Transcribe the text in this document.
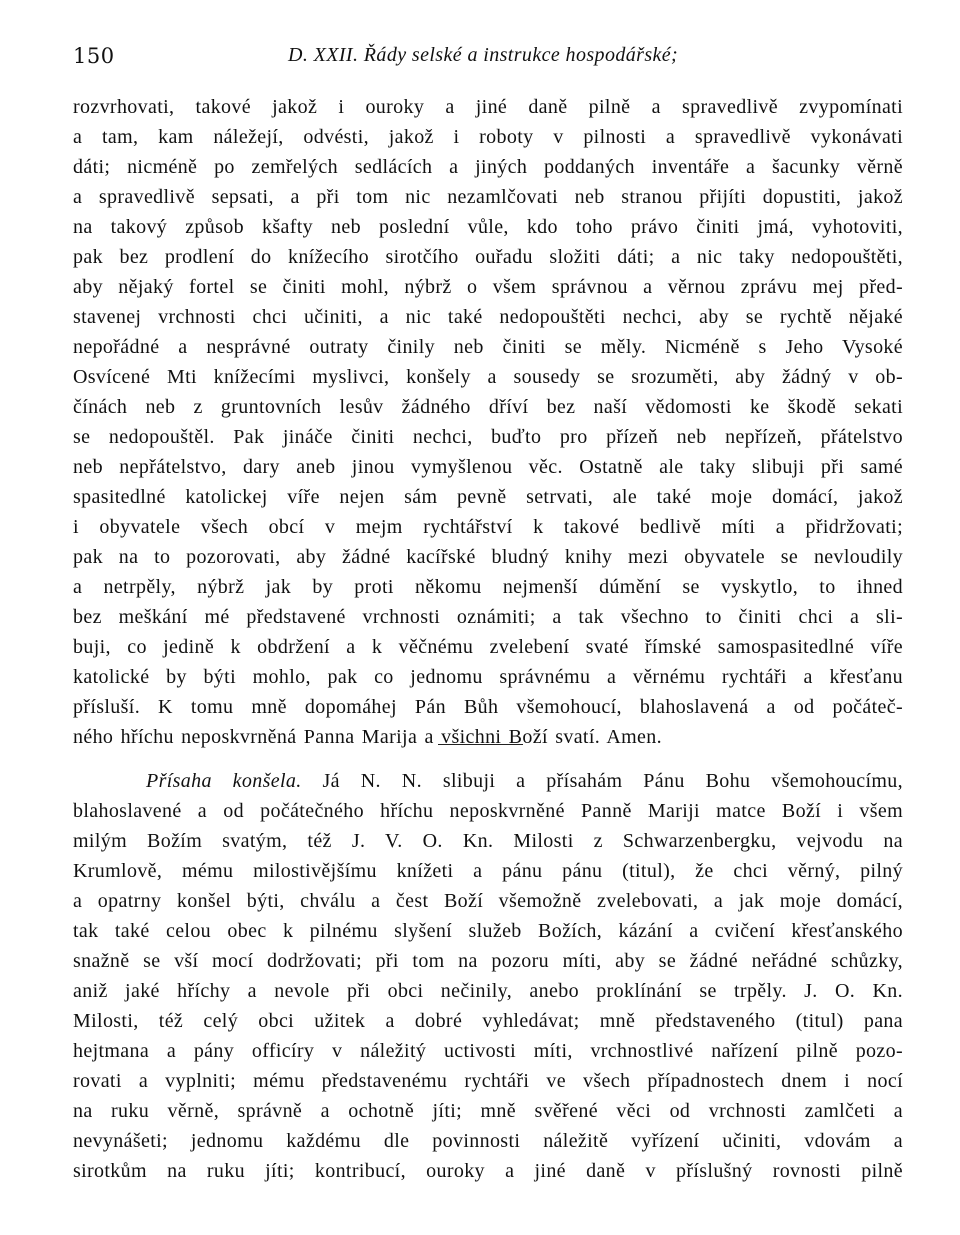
150	D. XXII. Řády selské a instrukce hospodářské;
rozvrhovati, takové jakož i ouroky a jiné daně pilně a spravedlivě zvypomínati
a tam, kam náležejí, odvésti, jakož i roboty v pilnosti a spravedlivě vykonávati
dáti; nicméně po zemřelých sedlácích a jiných poddaných inventáře a šacunky věrně
a spravedlivě sepsati, a při tom nic nezamlčovati neb stranou přijíti dopustiti, jakož
na takový způsob kšafty neb poslední vůle, kdo toho právo činiti jmá, vyhotoviti,
pak bez prodlení do knížecího sirotčího ouřadu složiti dáti; a nic taky nedopouštěti,
aby nějaký fortel se činiti mohl, nýbrž o všem správnou a věrnou zprávu mej před-
stavenej vrchnosti chci učiniti, a nic také nedopouštěti nechci, aby se rychtě nějaké
nepořádné a nesprávné outraty činily neb činiti se měly. Nicméně s Jeho Vysoké
Osvícené Mti knížecími myslivci, konšely a sousedy se srozuměti, aby žádný v ob-
čínách neb z gruntovních lesův žádného dříví bez naší vědomosti ke škodě sekati
se nedopouštěl. Pak jináče činiti nechci, buďto pro přízeň neb nepřízeň, přátelstvo
neb nepřátelstvo, dary aneb jinou vymyšlenou věc. Ostatně ale taky slibuji při samé
spasitedlné katolickej víře nejen sám pevně setrvati, ale také moje domácí, jakož
i obyvatele všech obcí v mejm rychtářství k takové bedlivě míti a přidržovati;
pak na to pozorovati, aby žádné kacířské bludný knihy mezi obyvatele se nevloudily
a netrpěly, nýbrž jak by proti někomu nejmenší dúmění se vyskytlo, to ihned
bez meškání mé představené vrchnosti oznámiti; a tak všechno to činiti chci a sli-
buji, co jedině k obdržení a k věčnému zvelebení svaté římské samospasitedlné víře
katolické by býti mohlo, pak co jednomu správnému a věrnému rychtáři a křesťanu
přísluší. K tomu mně dopomáhej Pán Bůh všemohoucí, blahoslavená a od počáteč-
ného hříchu neposkvrněná Panna Marija a všichni Boží svatí. Amen.
Přísaha konšela. Já N. N. slibuji a přísahám Pánu Bohu všemohoucímu,
blahoslavené a od počátečného hříchu neposkvrněné Panně Mariji matce Boží i všem
milým Božím svatým, též J. V. O. Kn. Milosti z Schwarzenbergku, vejvodu na
Krumlově, mému milostivějšímu knížeti a pánu pánu (titul), že chci věrný, pilný
a opatrny konšel býti, chválu a čest Boží všemožně zvelebovati, a jak moje domácí,
tak také celou obec k pilnému slyšení služeb Božích, kázání a cvičení křesťanského
snažně se vší mocí dodržovati; při tom na pozoru míti, aby se žádné neřádné schůzky,
aniž jaké hříchy a nevole při obci nečinily, anebo proklínání se trpěly. J. O. Kn.
Milosti, též celý obci užitek a dobré vyhledávat; mně představeného (titul) pana
hejtmana a pány officíry v náležitý uctivosti míti, vrchnostlivé nařízení pilně pozo-
rovati a vyplniti; mému představenému rychtáři ve všech případnostech dnem i nocí
na ruku věrně, správně a ochotně jíti; mně svěřené věci od vrchnosti zamlčeti a
nevynášeti; jednomu každému dle povinnosti náležitě vyřízení učiniti, vdovám a
sirotkům na ruku jíti; kontribucí, ouroky a jiné daně v příslušný rovnosti pilně
